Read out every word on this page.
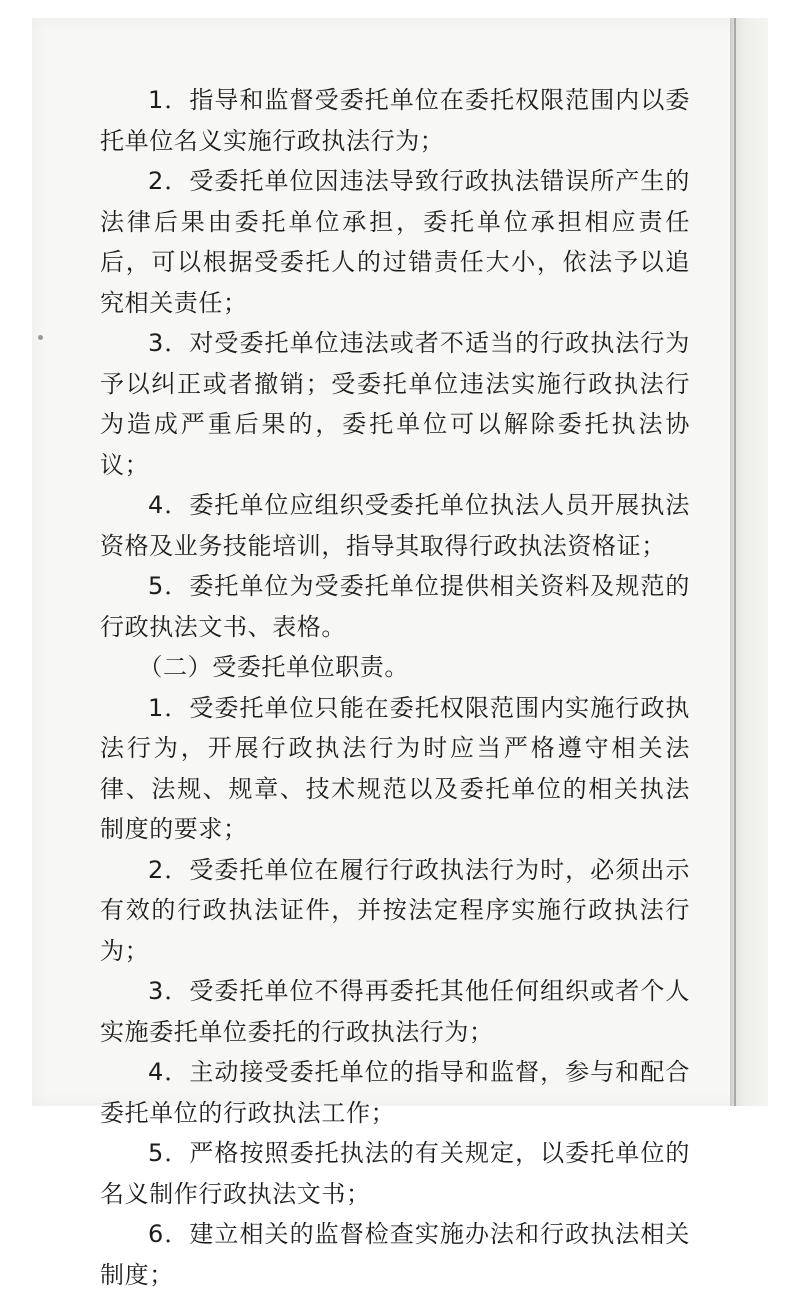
1．指导和监督受委托单位在委托权限范围内以委托单位名义实施行政执法行为；

2．受委托单位因违法导致行政执法错误所产生的法律后果由委托单位承担，委托单位承担相应责任后，可以根据受委托人的过错责任大小，依法予以追究相关责任；

3．对受委托单位违法或者不适当的行政执法行为予以纠正或者撤销；受委托单位违法实施行政执法行为造成严重后果的，委托单位可以解除委托执法协议；

4．委托单位应组织受委托单位执法人员开展执法资格及业务技能培训，指导其取得行政执法资格证；

5．委托单位为受委托单位提供相关资料及规范的行政执法文书、表格。

（二）受委托单位职责。

1．受委托单位只能在委托权限范围内实施行政执法行为，开展行政执法行为时应当严格遵守相关法律、法规、规章、技术规范以及委托单位的相关执法制度的要求；

2．受委托单位在履行行政执法行为时，必须出示有效的行政执法证件，并按法定程序实施行政执法行为；

3．受委托单位不得再委托其他任何组织或者个人实施委托单位委托的行政执法行为；

4．主动接受委托单位的指导和监督，参与和配合委托单位的行政执法工作；

5．严格按照委托执法的有关规定，以委托单位的名义制作行政执法文书；

6．建立相关的监督检查实施办法和行政执法相关制度；
